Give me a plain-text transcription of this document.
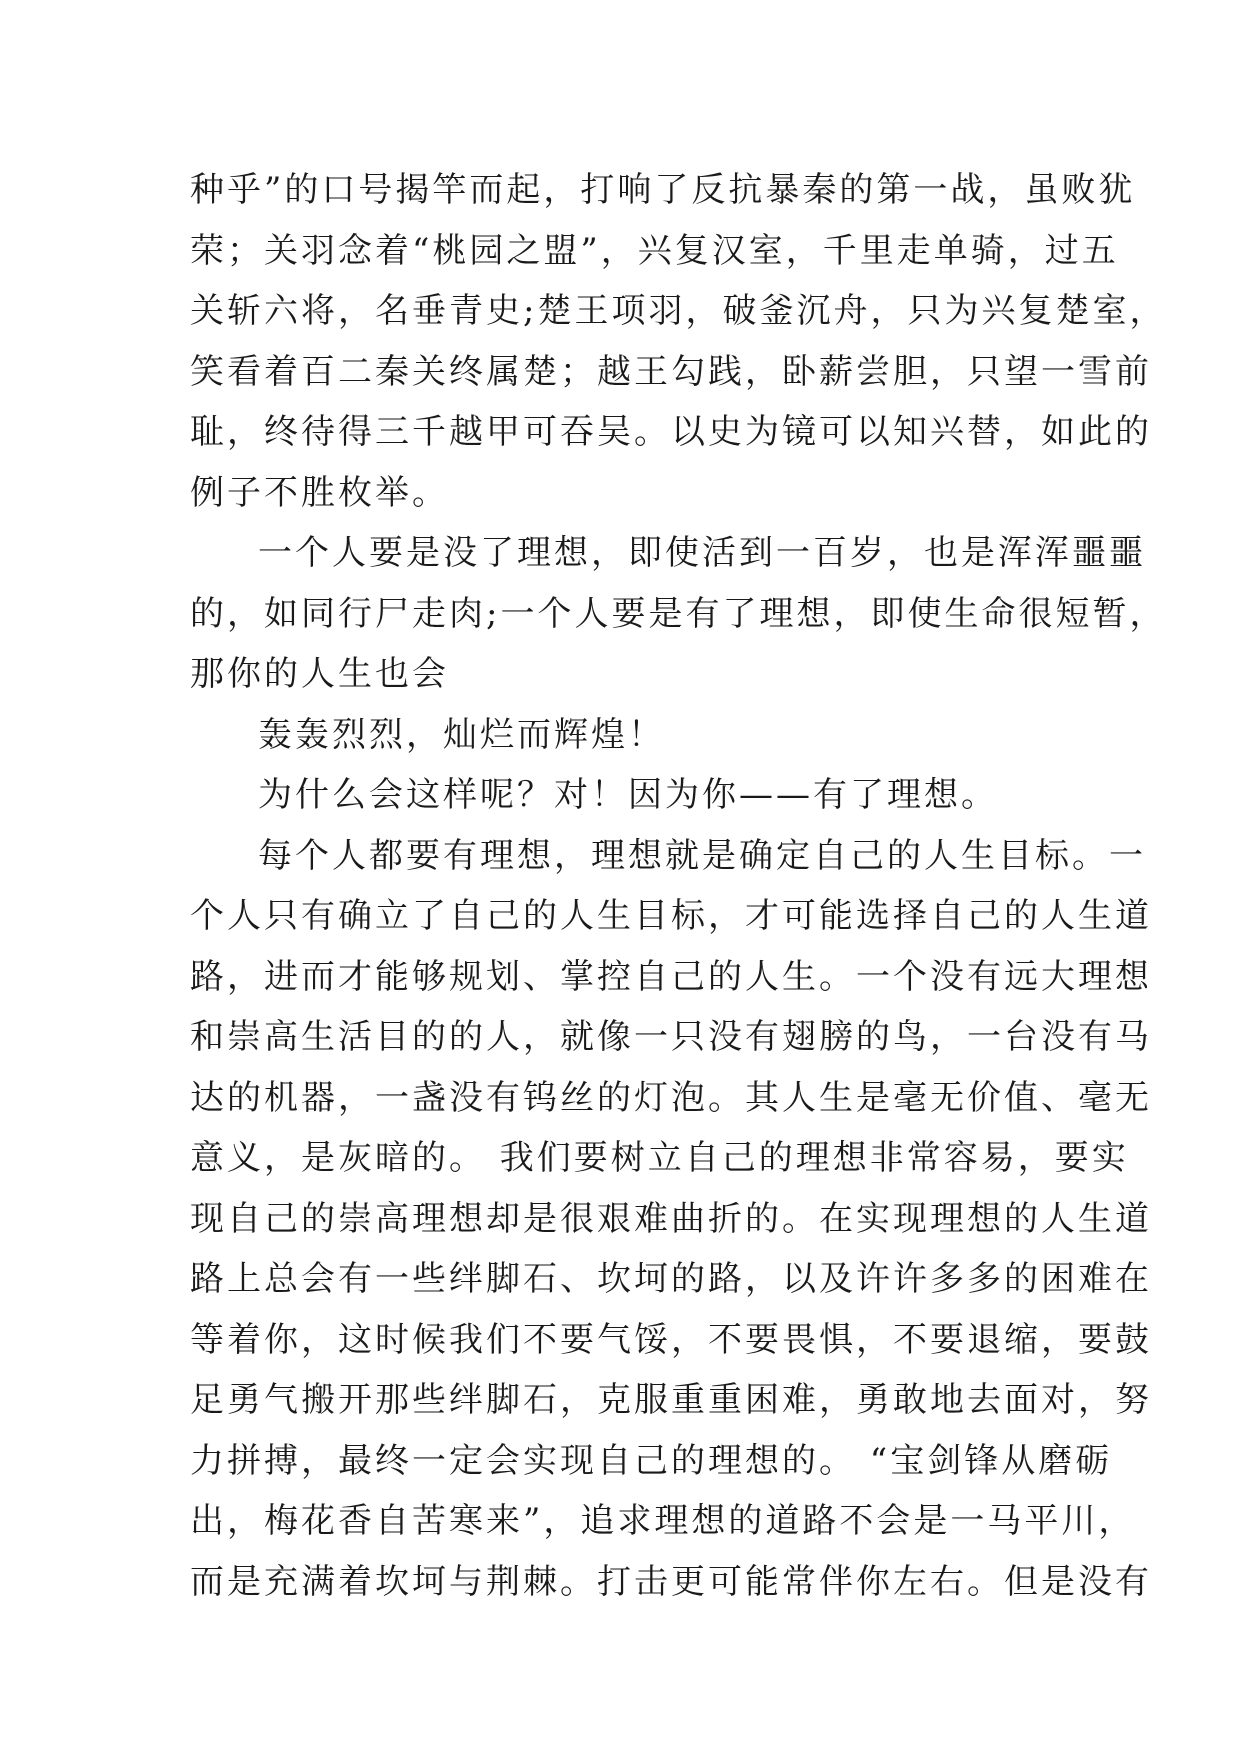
种乎”的口号揭竿而起，打响了反抗暴秦的第一战，虽败犹
荣；关羽念着“桃园之盟”，兴复汉室，千里走单骑，过五
关斩六将，名垂青史;楚王项羽，破釜沉舟，只为兴复楚室，
笑看着百二秦关终属楚；越王勾践，卧薪尝胆，只望一雪前
耻，终待得三千越甲可吞吴。以史为镜可以知兴替，如此的
例子不胜枚举。
一个人要是没了理想，即使活到一百岁，也是浑浑噩噩
的，如同行尸走肉;一个人要是有了理想，即使生命很短暂，
那你的人生也会
轰轰烈烈，灿烂而辉煌！
为什么会这样呢？对！因为你——有了理想。
每个人都要有理想，理想就是确定自己的人生目标。一
个人只有确立了自己的人生目标，才可能选择自己的人生道
路，进而才能够规划、掌控自己的人生。一个没有远大理想
和崇高生活目的的人，就像一只没有翅膀的鸟，一台没有马
达的机器，一盏没有钨丝的灯泡。其人生是毫无价值、毫无
意义，是灰暗的。 我们要树立自己的理想非常容易，要实
现自己的崇高理想却是很艰难曲折的。在实现理想的人生道
路上总会有一些绊脚石、坎坷的路，以及许许多多的困难在
等着你，这时候我们不要气馁，不要畏惧，不要退缩，要鼓
足勇气搬开那些绊脚石，克服重重困难，勇敢地去面对，努
力拼搏，最终一定会实现自己的理想的。 “宝剑锋从磨砺
出，梅花香自苦寒来”，追求理想的道路不会是一马平川，
而是充满着坎坷与荆棘。打击更可能常伴你左右。但是没有
